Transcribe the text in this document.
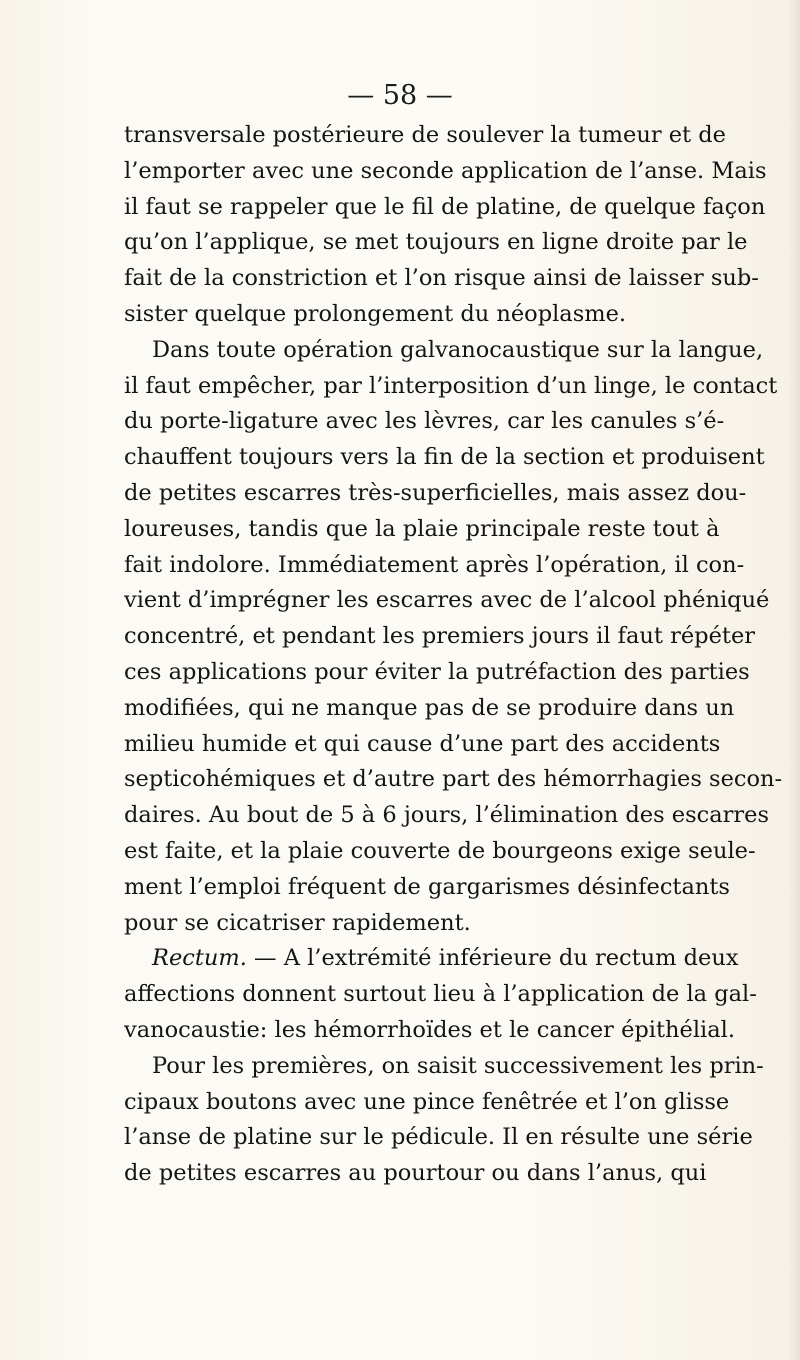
— 58 —
transversale postérieure de soulever la tumeur et de
l’emporter avec une seconde application de l’anse. Mais
il faut se rappeler que le fil de platine, de quelque façon
qu’on l’applique, se met toujours en ligne droite par le
fait de la constriction et l’on risque ainsi de laisser sub-
sister quelque prolongement du néoplasme.
Dans toute opération galvanocaustique sur la langue,
il faut empêcher, par l’interposition d’un linge, le contact
du porte-ligature avec les lèvres, car les canules s’é-
chauffent toujours vers la fin de la section et produisent
de petites escarres très-superficielles, mais assez dou-
loureuses, tandis que la plaie principale reste tout à
fait indolore. Immédiatement après l’opération, il con-
vient d’imprégner les escarres avec de l’alcool phéniqué
concentré, et pendant les premiers jours il faut répéter
ces applications pour éviter la putréfaction des parties
modifiées, qui ne manque pas de se produire dans un
milieu humide et qui cause d’une part des accidents
septicohémiques et d’autre part des hémorrhagies secon-
daires. Au bout de 5 à 6 jours, l’élimination des escarres
est faite, et la plaie couverte de bourgeons exige seule-
ment l’emploi fréquent de gargarismes désinfectants
pour se cicatriser rapidement.
Rectum. — A l’extrémité inférieure du rectum deux
affections donnent surtout lieu à l’application de la gal-
vanocaustie: les hémorrhoïdes et le cancer épithélial.
Pour les premières, on saisit successivement les prin-
cipaux boutons avec une pince fenêtrée et l’on glisse
l’anse de platine sur le pédicule. Il en résulte une série
de petites escarres au pourtour ou dans l’anus, qui
